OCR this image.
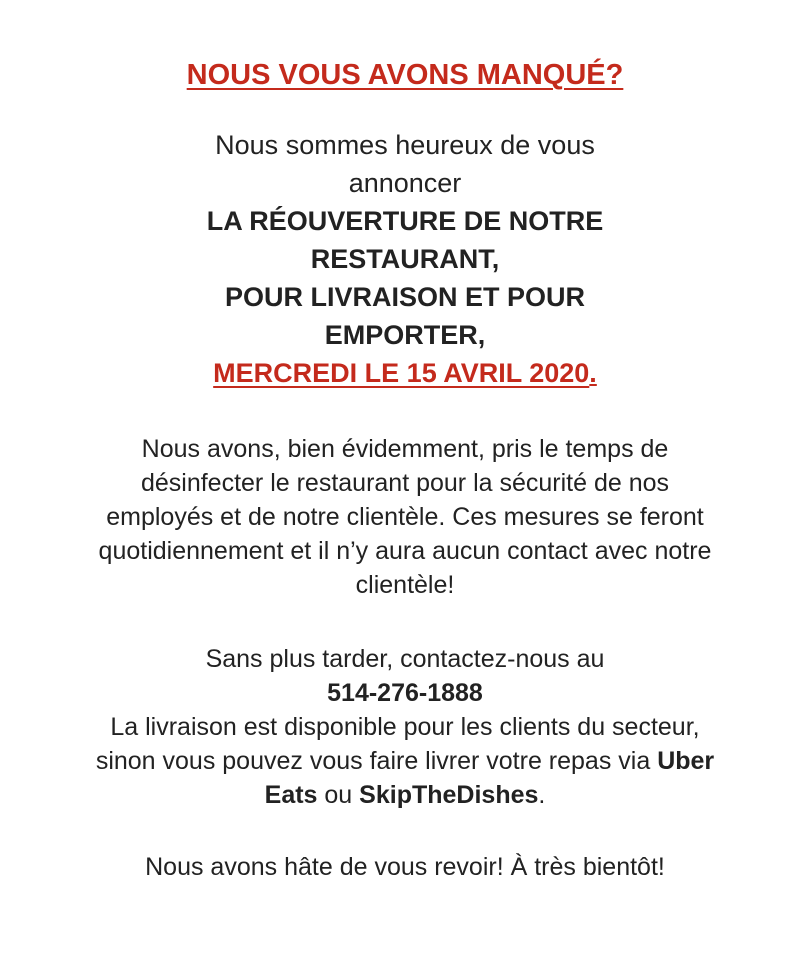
NOUS VOUS AVONS MANQUÉ?
Nous sommes heureux de vous
annoncer
LA RÉOUVERTURE DE NOTRE
RESTAURANT,
POUR LIVRAISON ET POUR
EMPORTER,
MERCREDI LE 15 AVRIL 2020.
Nous avons, bien évidemment, pris le temps de désinfecter le restaurant pour la sécurité de nos employés et de notre clientèle. Ces mesures se feront quotidiennement et il n’y aura aucun contact avec notre clientèle!
Sans plus tarder, contactez-nous au
514-276-1888
La livraison est disponible pour les clients du secteur, sinon vous pouvez vous faire livrer votre repas via Uber Eats ou SkipTheDishes.
Nous avons hâte de vous revoir! À très bientôt!
